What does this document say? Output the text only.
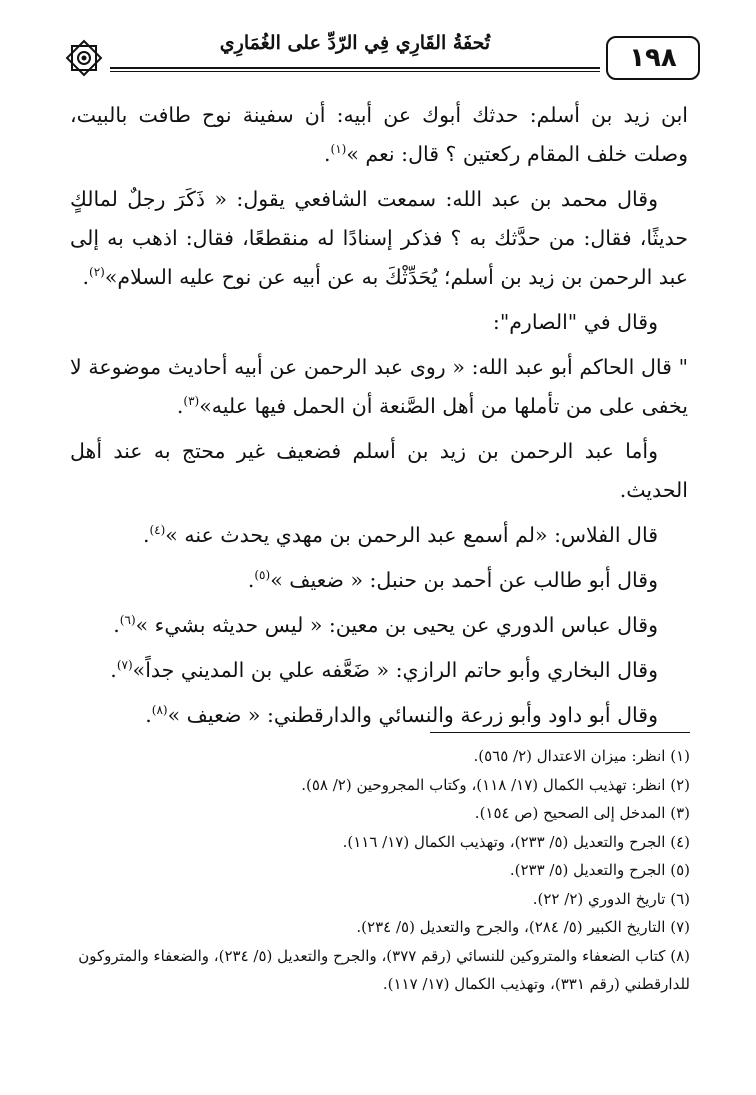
١٩٨
تُحفَةُ القَارِي فِي الرّدِّ على الغُمَارِي

ابن زيد بن أسلم: حدثك أبوك عن أبيه: أن سفينة نوح طافت بالبيت، وصلت خلف المقام ركعتين ؟ قال: نعم »$^{(١)}$.

وقال محمد بن عبد الله: سمعت الشافعي يقول: « ذَكَرَ رجلٌ لمالكٍ حديثًا، فقال: من حدَّثك به ؟ فذكر إسنادًا له منقطعًا، فقال: اذهب به إلى عبد الرحمن بن زيد بن أسلم؛ يُحَدِّثْكَ به عن أبيه عن نوح عليه السلام»$^{(٢)}$.

وقال في "الصارم":

" قال الحاكم أبو عبد الله: « روى عبد الرحمن عن أبيه أحاديث موضوعة لا يخفى على من تأملها من أهل الصَّنعة أن الحمل فيها عليه»$^{(٣)}$.

وأما عبد الرحمن بن زيد بن أسلم فضعيف غير محتج به عند أهل الحديث.

قال الفلاس: «لم أسمع عبد الرحمن بن مهدي يحدث عنه »$^{(٤)}$.

وقال أبو طالب عن أحمد بن حنبل: « ضعيف »$^{(٥)}$.

وقال عباس الدوري عن يحيى بن معين: « ليس حديثه بشيء »$^{(٦)}$.

وقال البخاري وأبو حاتم الرازي: « ضَعَّفه علي بن المديني جداً»$^{(٧)}$.

وقال أبو داود وأبو زرعة والنسائي والدارقطني: « ضعيف »$^{(٨)}$.

(١) انظر: ميزان الاعتدال (٢/ ٥٦٥).

(٢) انظر: تهذيب الكمال (١٧/ ١١٨)، وكتاب المجروحين (٢/ ٥٨).

(٣) المدخل إلى الصحيح (ص ١٥٤).

(٤) الجرح والتعديل (٥/ ٢٣٣)، وتهذيب الكمال (١٧/ ١١٦).

(٥) الجرح والتعديل (٥/ ٢٣٣).

(٦) تاريخ الدوري (٢/ ٢٢).

(٧) التاريخ الكبير (٥/ ٢٨٤)، والجرح والتعديل (٥/ ٢٣٤).

(٨) كتاب الضعفاء والمتروكين للنسائي (رقم ٣٧٧)، والجرح والتعديل (٥/ ٢٣٤)، والضعفاء والمتروكون للدارقطني (رقم ٣٣١)، وتهذيب الكمال (١٧/ ١١٧).
